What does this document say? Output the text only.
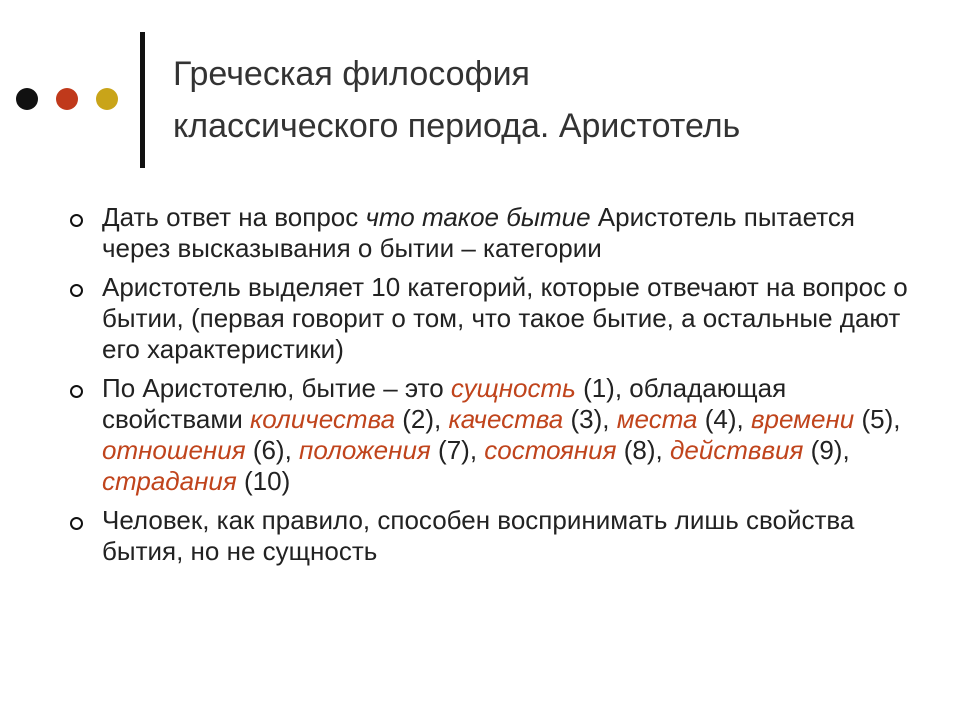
Греческая философия
классического периода. Аристотель
Дать ответ на вопрос что такое бытие Аристотель пытается через высказывания о бытии – категории
Аристотель выделяет 10 категорий, которые отвечают на вопрос о бытии, (первая говорит о том, что такое бытие, а остальные дают его характеристики)
По Аристотелю, бытие – это сущность (1), обладающая свойствами количества (2), качества (3), места (4), времени (5), отношения (6), положения (7), состояния (8), действвия (9), страдания (10)
Человек, как правило, способен воспринимать лишь свойства бытия, но не сущность
